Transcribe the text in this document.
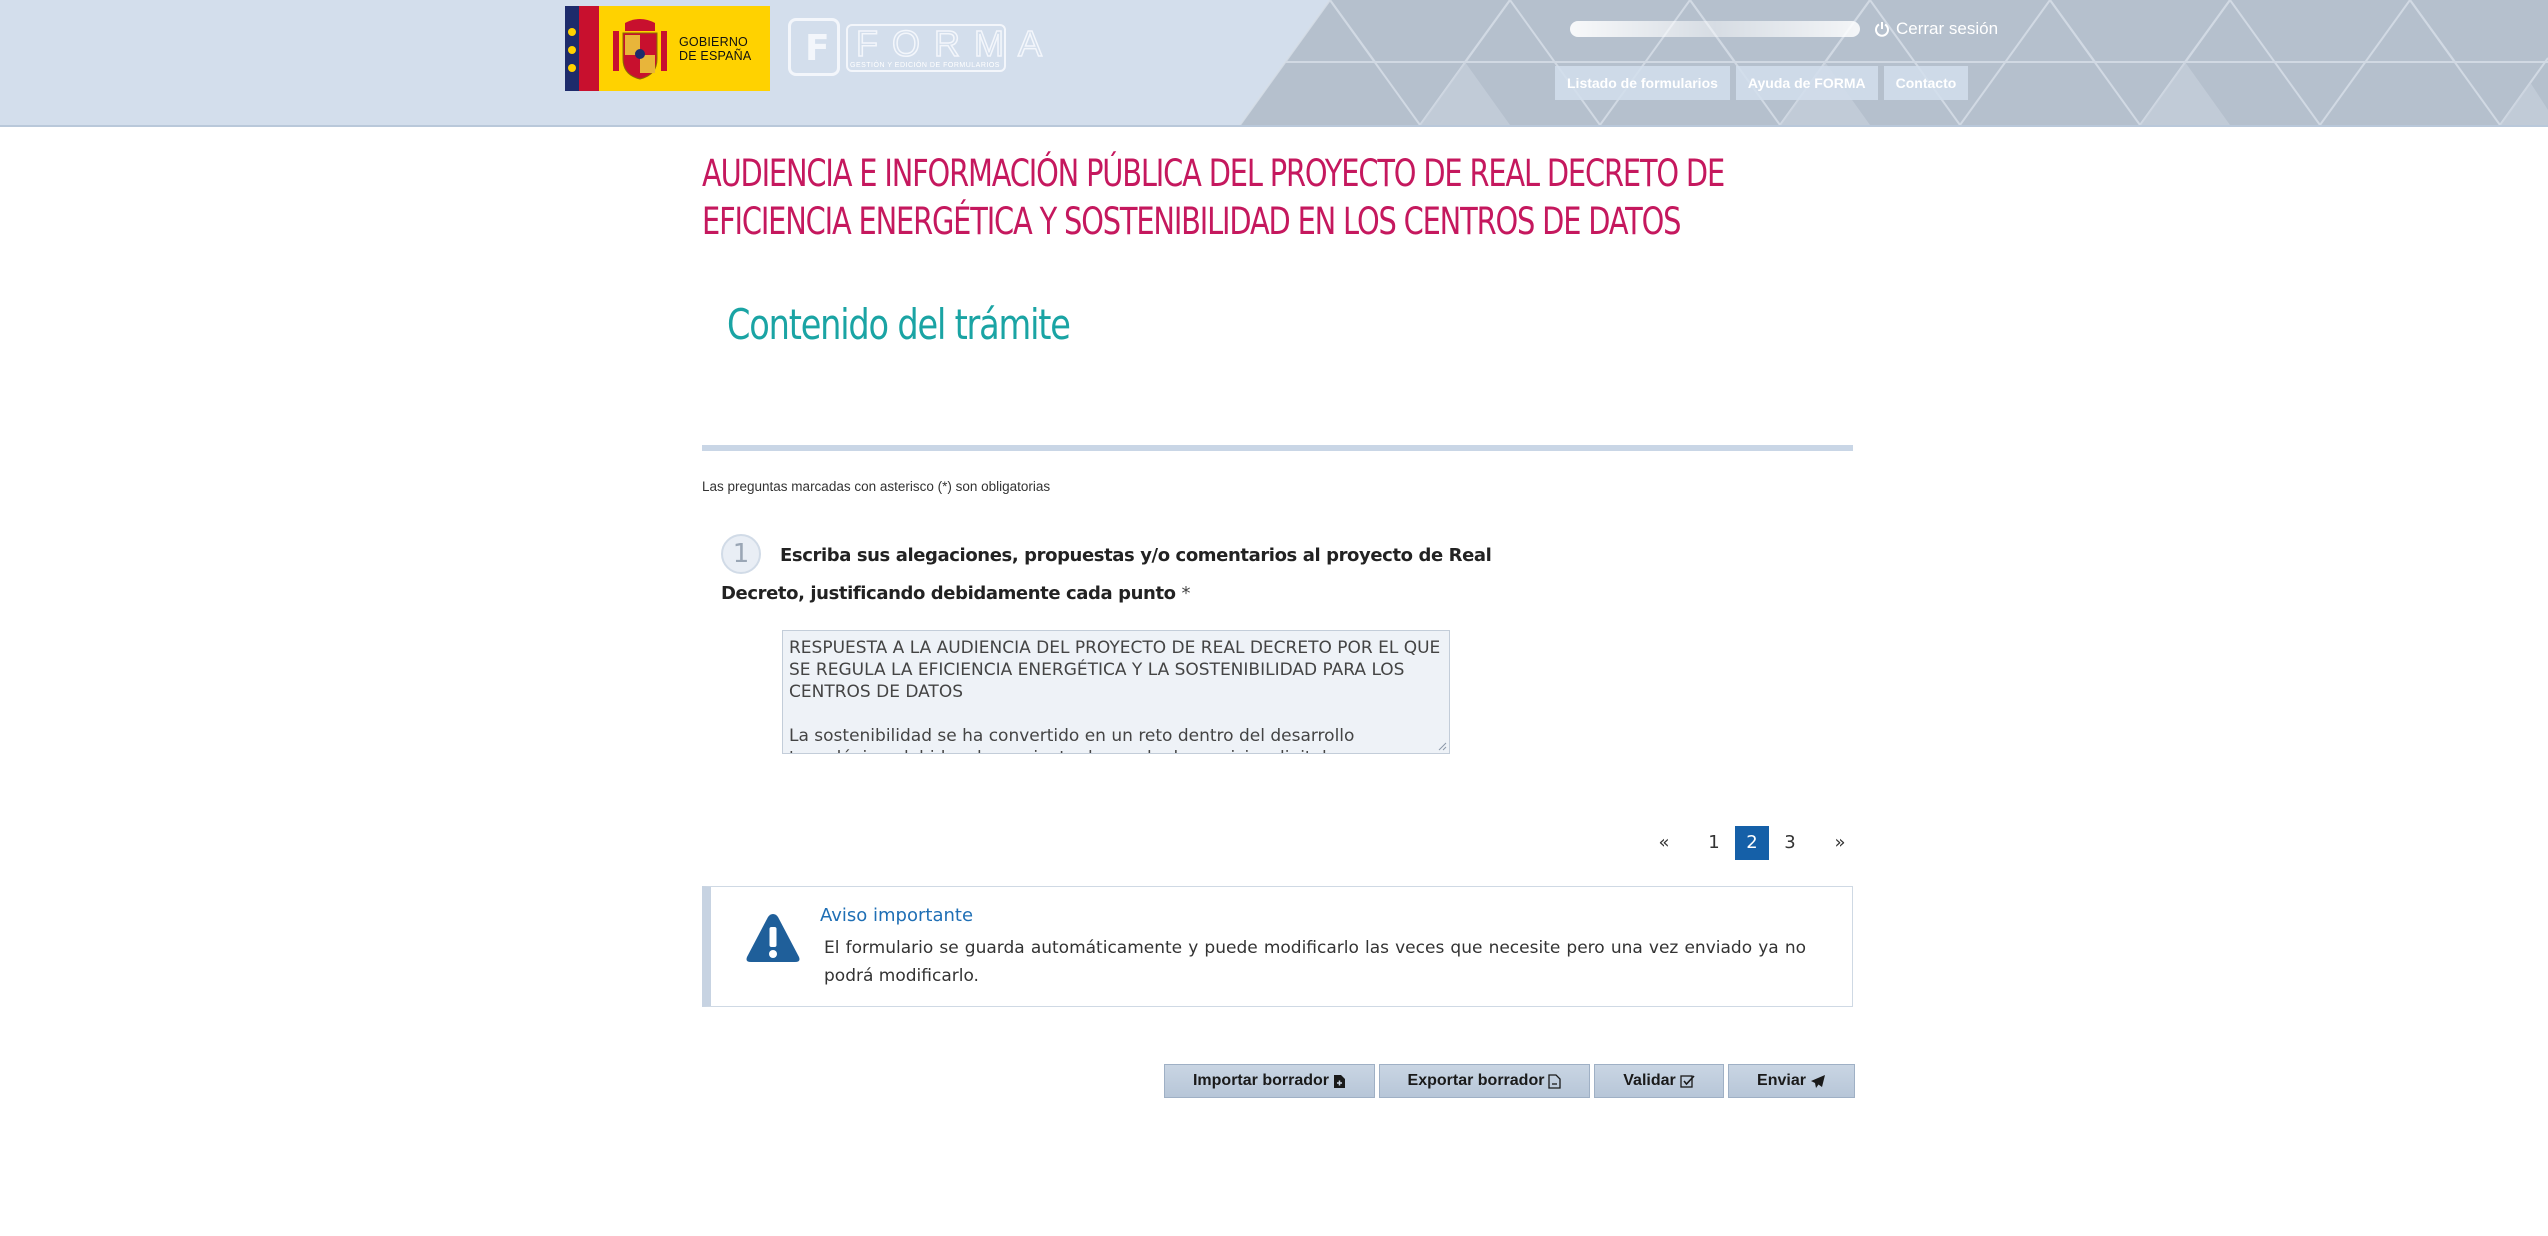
GOBIERNO
DE ESPAÑA F FORMA
GESTIÓN Y EDICIÓN DE FORMULARIOS
Cerrar sesión
Listado de formularios	Ayuda de FORMA	Contacto
AUDIENCIA E INFORMACIÓN PÚBLICA DEL PROYECTO DE REAL DECRETO DE EFICIENCIA ENERGÉTICA Y SOSTENIBILIDAD EN LOS CENTROS DE DATOS
Contenido del trámite
Las preguntas marcadas con asterisco (*) son obligatorias
1	Escriba sus alegaciones, propuestas y/o comentarios al proyecto de Real
Decreto, justificando debidamente cada punto *
RESPUESTA A LA AUDIENCIA DEL PROYECTO DE REAL DECRETO POR EL QUE SE REGULA LA EFICIENCIA ENERGÉTICA Y LA SOSTENIBILIDAD PARA LOS CENTROS DE DATOS La sostenibilidad se ha convertido en un reto dentro del desarrollo tecnológico, debido a la creciente demanda de servicios digitales
«	1	2	3	»
Aviso importante
El formulario se guarda automáticamente y puede modificarlo las veces que necesite pero una vez enviado ya no podrá modificarlo.
Importar borrador	Exportar borrador	Validar	Enviar
